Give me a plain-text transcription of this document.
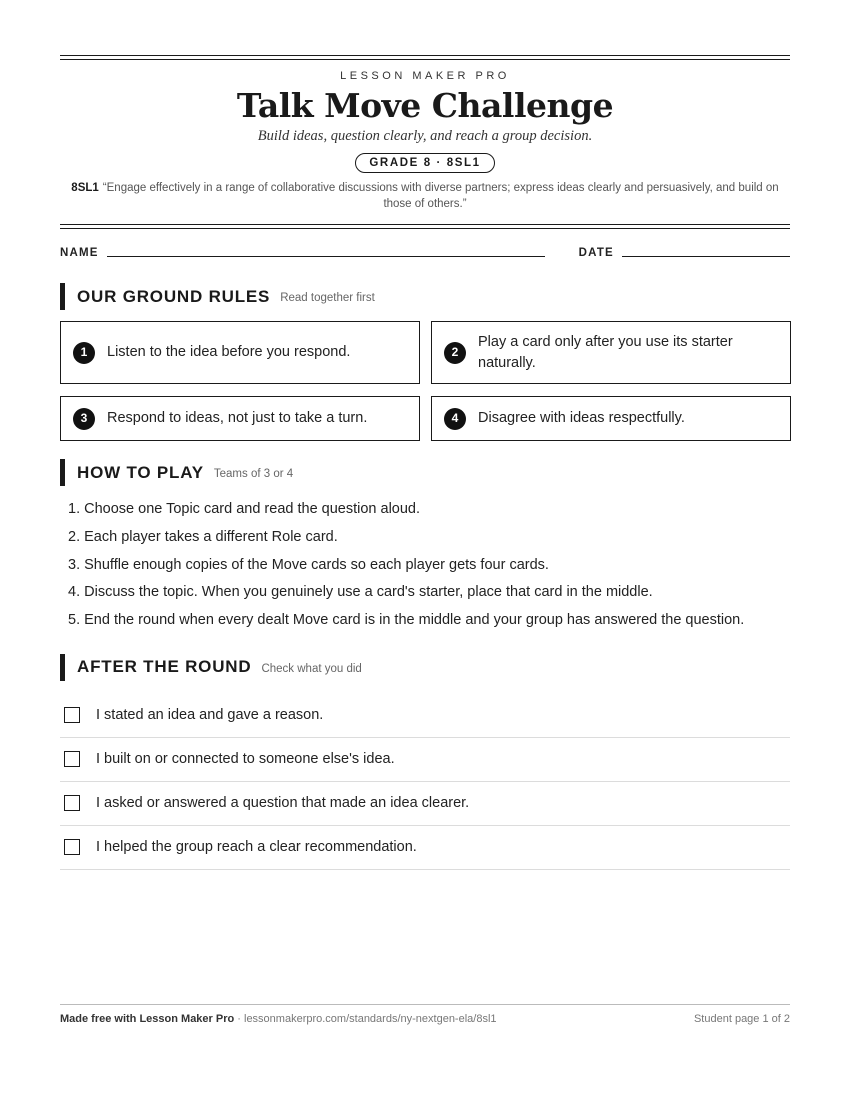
LESSON MAKER PRO
Talk Move Challenge
Build ideas, question clearly, and reach a group decision.
GRADE 8 · 8SL1
8SL1 “Engage effectively in a range of collaborative discussions with diverse partners; express ideas clearly and persuasively, and build on those of others.”
NAME	DATE
OUR GROUND RULES Read together first
1	Listen to the idea before you respond.	2
Play a card only after you use its starter naturally.
3	Respond to ideas, not just to take a turn.	4	Disagree with ideas respectfully.
HOW TO PLAY Teams of 3 or 4
1. Choose one Topic card and read the question aloud.
2. Each player takes a different Role card.
3. Shuffle enough copies of the Move cards so each player gets four cards.
4. Discuss the topic. When you genuinely use a card's starter, place that card in the middle.
5. End the round when every dealt Move card is in the middle and your group has answered the question.
AFTER THE ROUND Check what you did
I stated an idea and gave a reason.
I built on or connected to someone else's idea.
I asked or answered a question that made an idea clearer.
I helped the group reach a clear recommendation.
Made free with Lesson Maker Pro · lessonmakerpro.com/standards/ny-nextgen-ela/8sl1	Student page 1 of 2
